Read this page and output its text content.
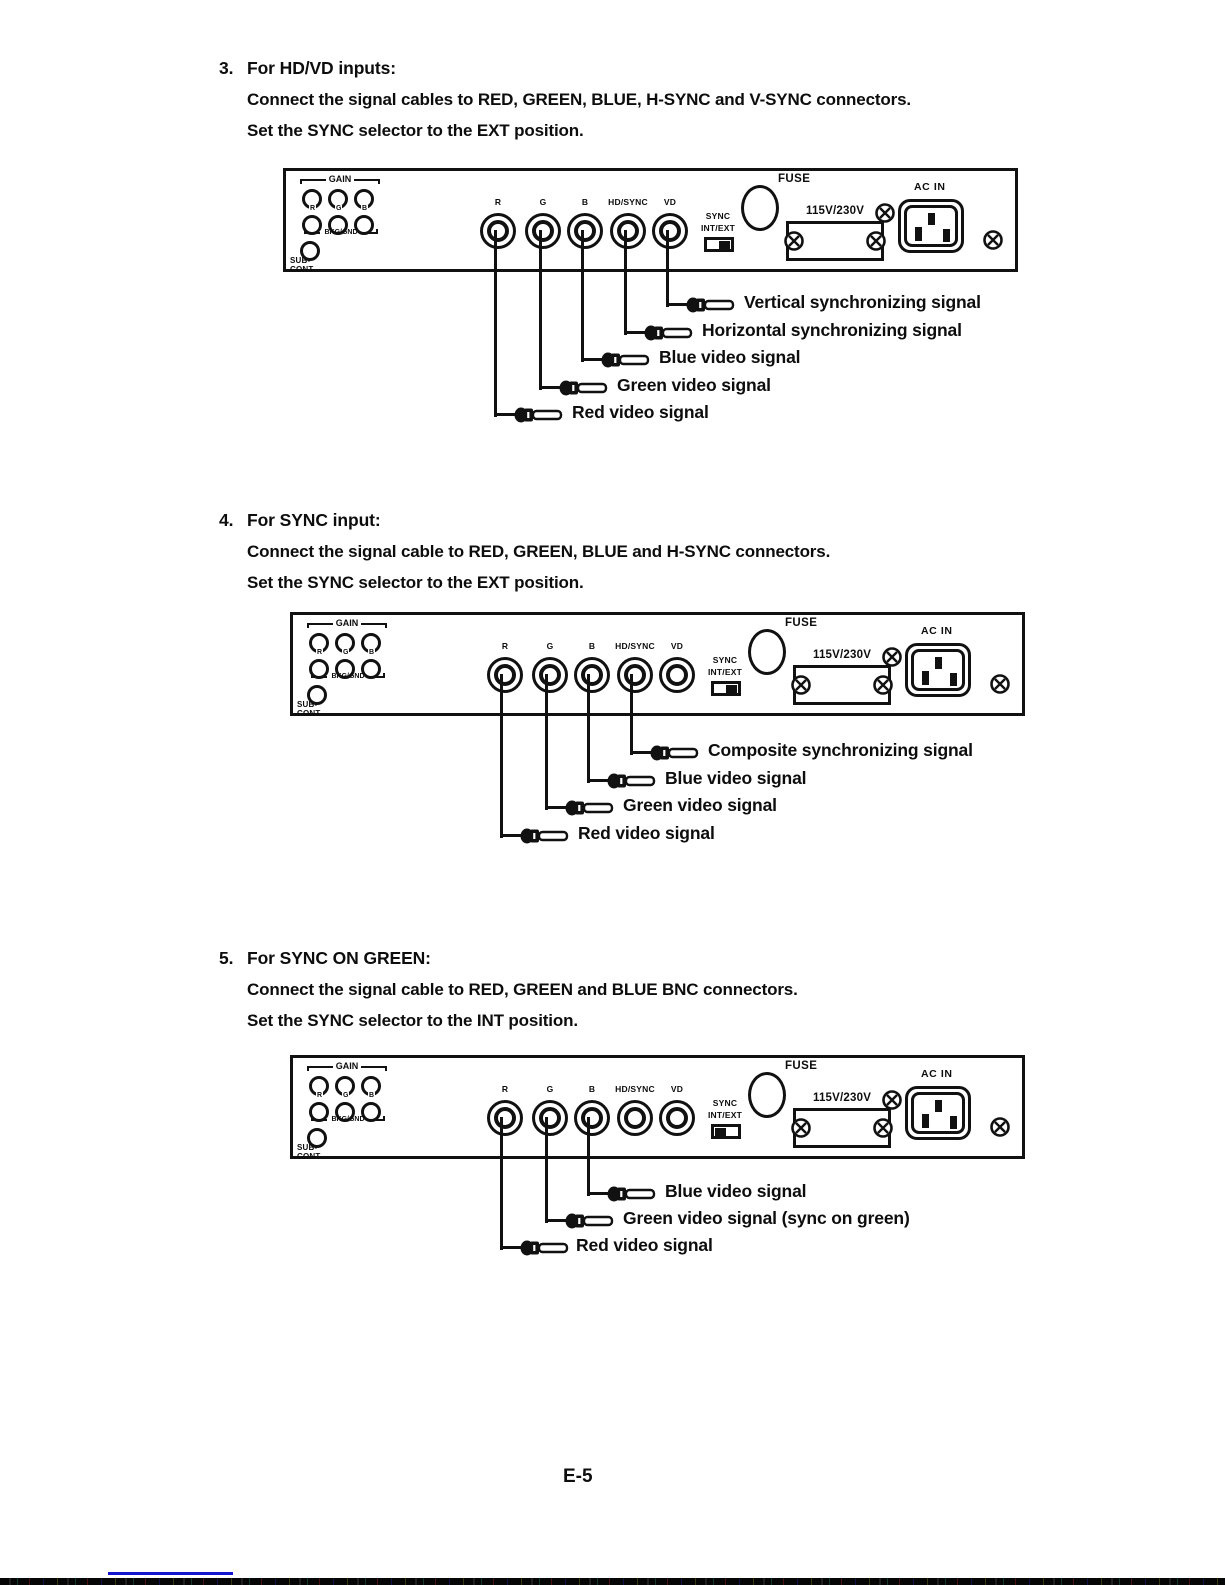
3. For HD/VD inputs:
Connect the signal cables to RED, GREEN, BLUE, H-SYNC and V-SYNC connectors.
Set the SYNC selector to the EXT position.
GAIN
R	G	B
BKG/GND
SUB-
CONT
R	G	B	HD/SYNC	VD
SYNC
INT/EXT
FUSE
115V/230V
AC IN
Vertical synchronizing signal
Horizontal synchronizing signal
Blue video signal
Green video signal
Red video signal
4. For SYNC input:
Connect the signal cable to RED, GREEN, BLUE and H-SYNC connectors.
Set the SYNC selector to the EXT position.
GAIN
R	G	B
BKG/GND
SUB-
CONT
R	G	B	HD/SYNC	VD
SYNC
INT/EXT
FUSE
115V/230V
AC IN
Composite synchronizing signal
Blue video signal
Green video signal
Red video signal
5. For SYNC ON GREEN:
Connect the signal cable to RED, GREEN and BLUE BNC connectors.
Set the SYNC selector to the INT position.
GAIN
R	G	B
BKG/GND
SUB-
CONT
R	G	B	HD/SYNC	VD
SYNC
INT/EXT
FUSE
115V/230V
AC IN
Blue video signal
Green video signal (sync on green)
Red video signal
E-5
